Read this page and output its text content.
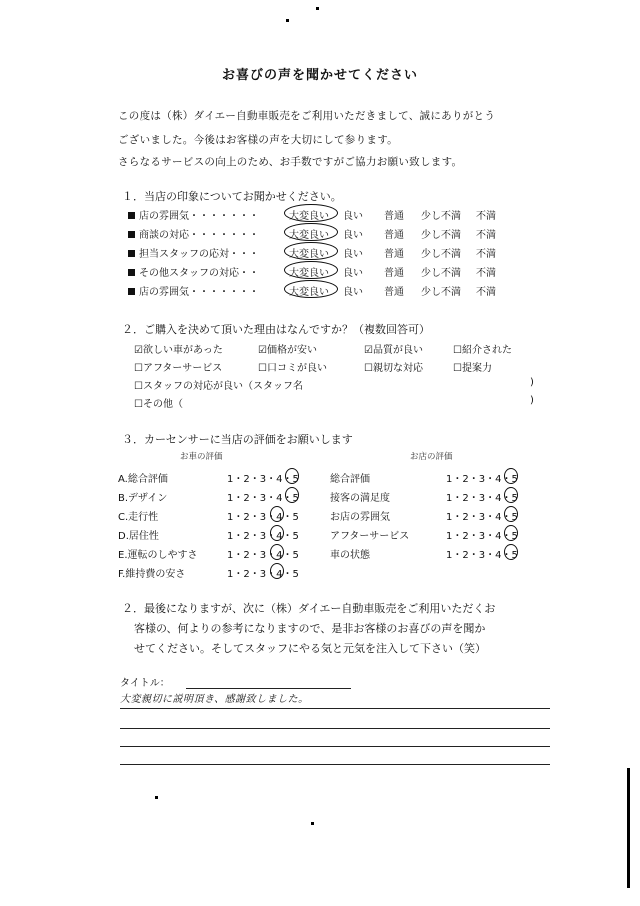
お喜びの声を聞かせてください
この度は（株）ダイエー自動車販売をご利用いただきまして、誠にありがとう
ございました。今後はお客様の声を大切にして参ります。
さらなるサービスの向上のため、お手数ですがご協力お願い致します。
１．当店の印象についてお聞かせください。
店の雰囲気・・・・・・・	大変良い 良い 普通 少し不満 不満
商談の対応・・・・・・・	大変良い 良い 普通 少し不満 不満
担当スタッフの応対・・・	大変良い 良い 普通 少し不満 不満
その他スタッフの対応・・	大変良い 良い 普通 少し不満 不満
店の雰囲気・・・・・・・	大変良い 良い 普通 少し不満 不満
２．ご購入を決めて頂いた理由はなんですか？（複数回答可）
☑欲しい車があった	☑価格が安い	☑品質が良い	☐紹介された
☐アフターサービス	☐口コミが良い	☐親切な対応	☐提案力
☐スタッフの対応が良い（スタッフ名	)
☐その他（	)
３．カーセンサーに当店の評価をお願いします
お車の評価	お店の評価
A.総合評価	1・2・3・4・5
B.デザイン	1・2・3・4・5
C.走行性	1・2・3・4・5
D.居住性	1・2・3・4・5
E.運転のしやすさ	1・2・3・4・5
F.維持費の安さ	1・2・3・4・5
総合評価	1・2・3・4・5
接客の満足度	1・2・3・4・5
お店の雰囲気	1・2・3・4・5
アフターサービス	1・2・3・4・5
車の状態	1・2・3・4・5
２．最後になりますが、次に（株）ダイエー自動車販売をご利用いただくお
客様の、何よりの参考になりますので、是非お客様のお喜びの声を聞か
せてください。そしてスタッフにやる気と元気を注入して下さい（笑）
タイトル：
大変親切に説明頂き、感謝致しました。
